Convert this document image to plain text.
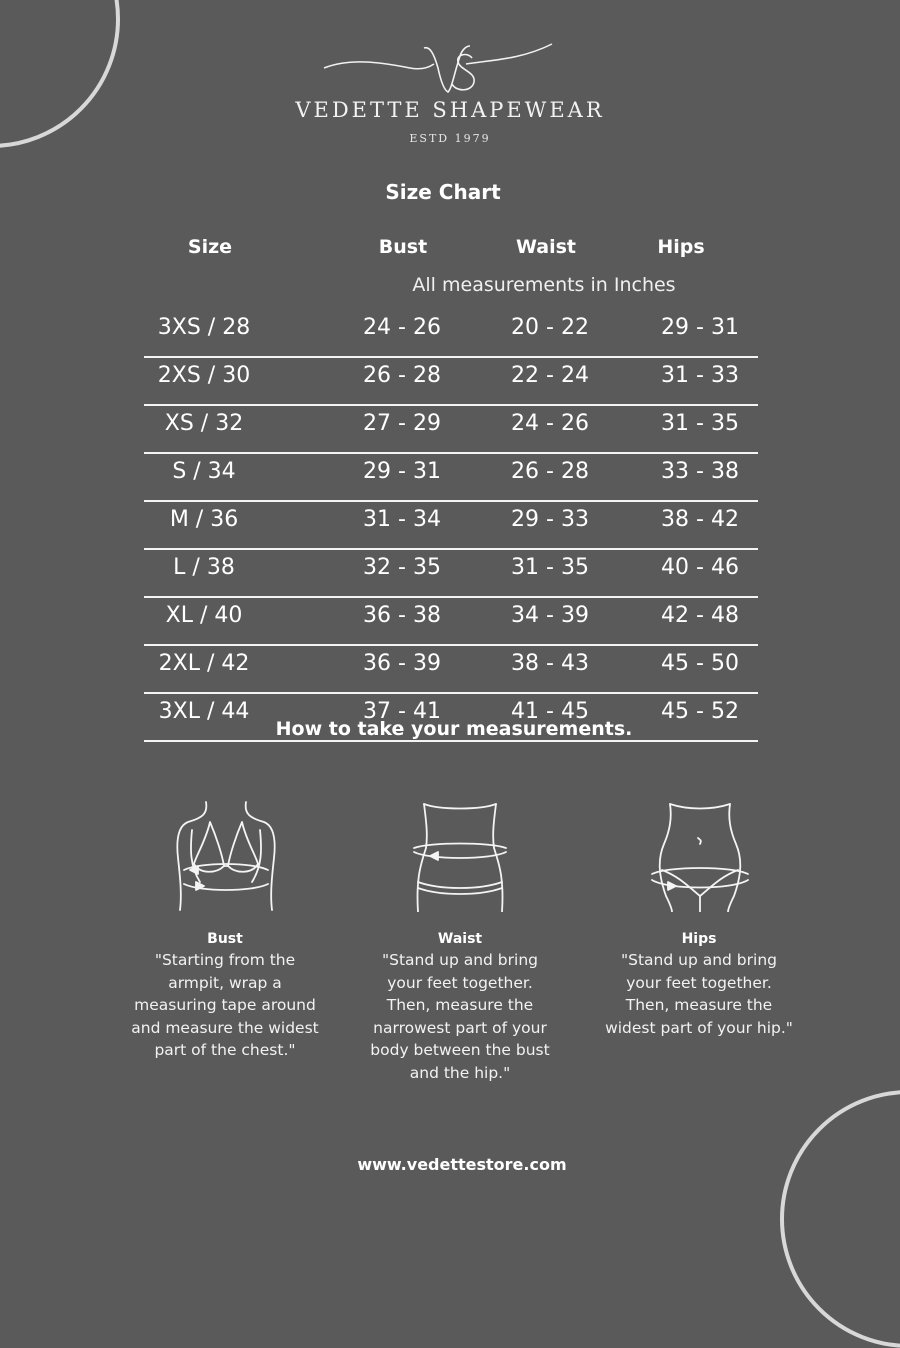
VS
VEDETTE SHAPEWEAR
ESTD 1979
Size Chart
Size	Bust	Waist	Hips
All measurements in Inches
3XS / 28	24 - 26	20 - 22	29 - 31
2XS / 30	26 - 28	22 - 24	31 - 33
XS / 32	27 - 29	24 - 26	31 - 35
S / 34	29 - 31	26 - 28	33 - 38
M / 36	31 - 34	29 - 33	38 - 42
L / 38	32 - 35	31 - 35	40 - 46
XL / 40	36 - 38	34 - 39	42 - 48
2XL / 42	36 - 39	38 - 43	45 - 50
3XL / 44	37 - 41	41 - 45	45 - 52
How to take your measurements.
Bust
"Starting from the armpit, wrap a measuring tape around and measure the widest part of the chest."
Waist
"Stand up and bring your feet together. Then, measure the narrowest part of your body between the bust and the hip."
Hips
"Stand up and bring your feet together. Then, measure the widest part of your hip."
www.vedettestore.com
